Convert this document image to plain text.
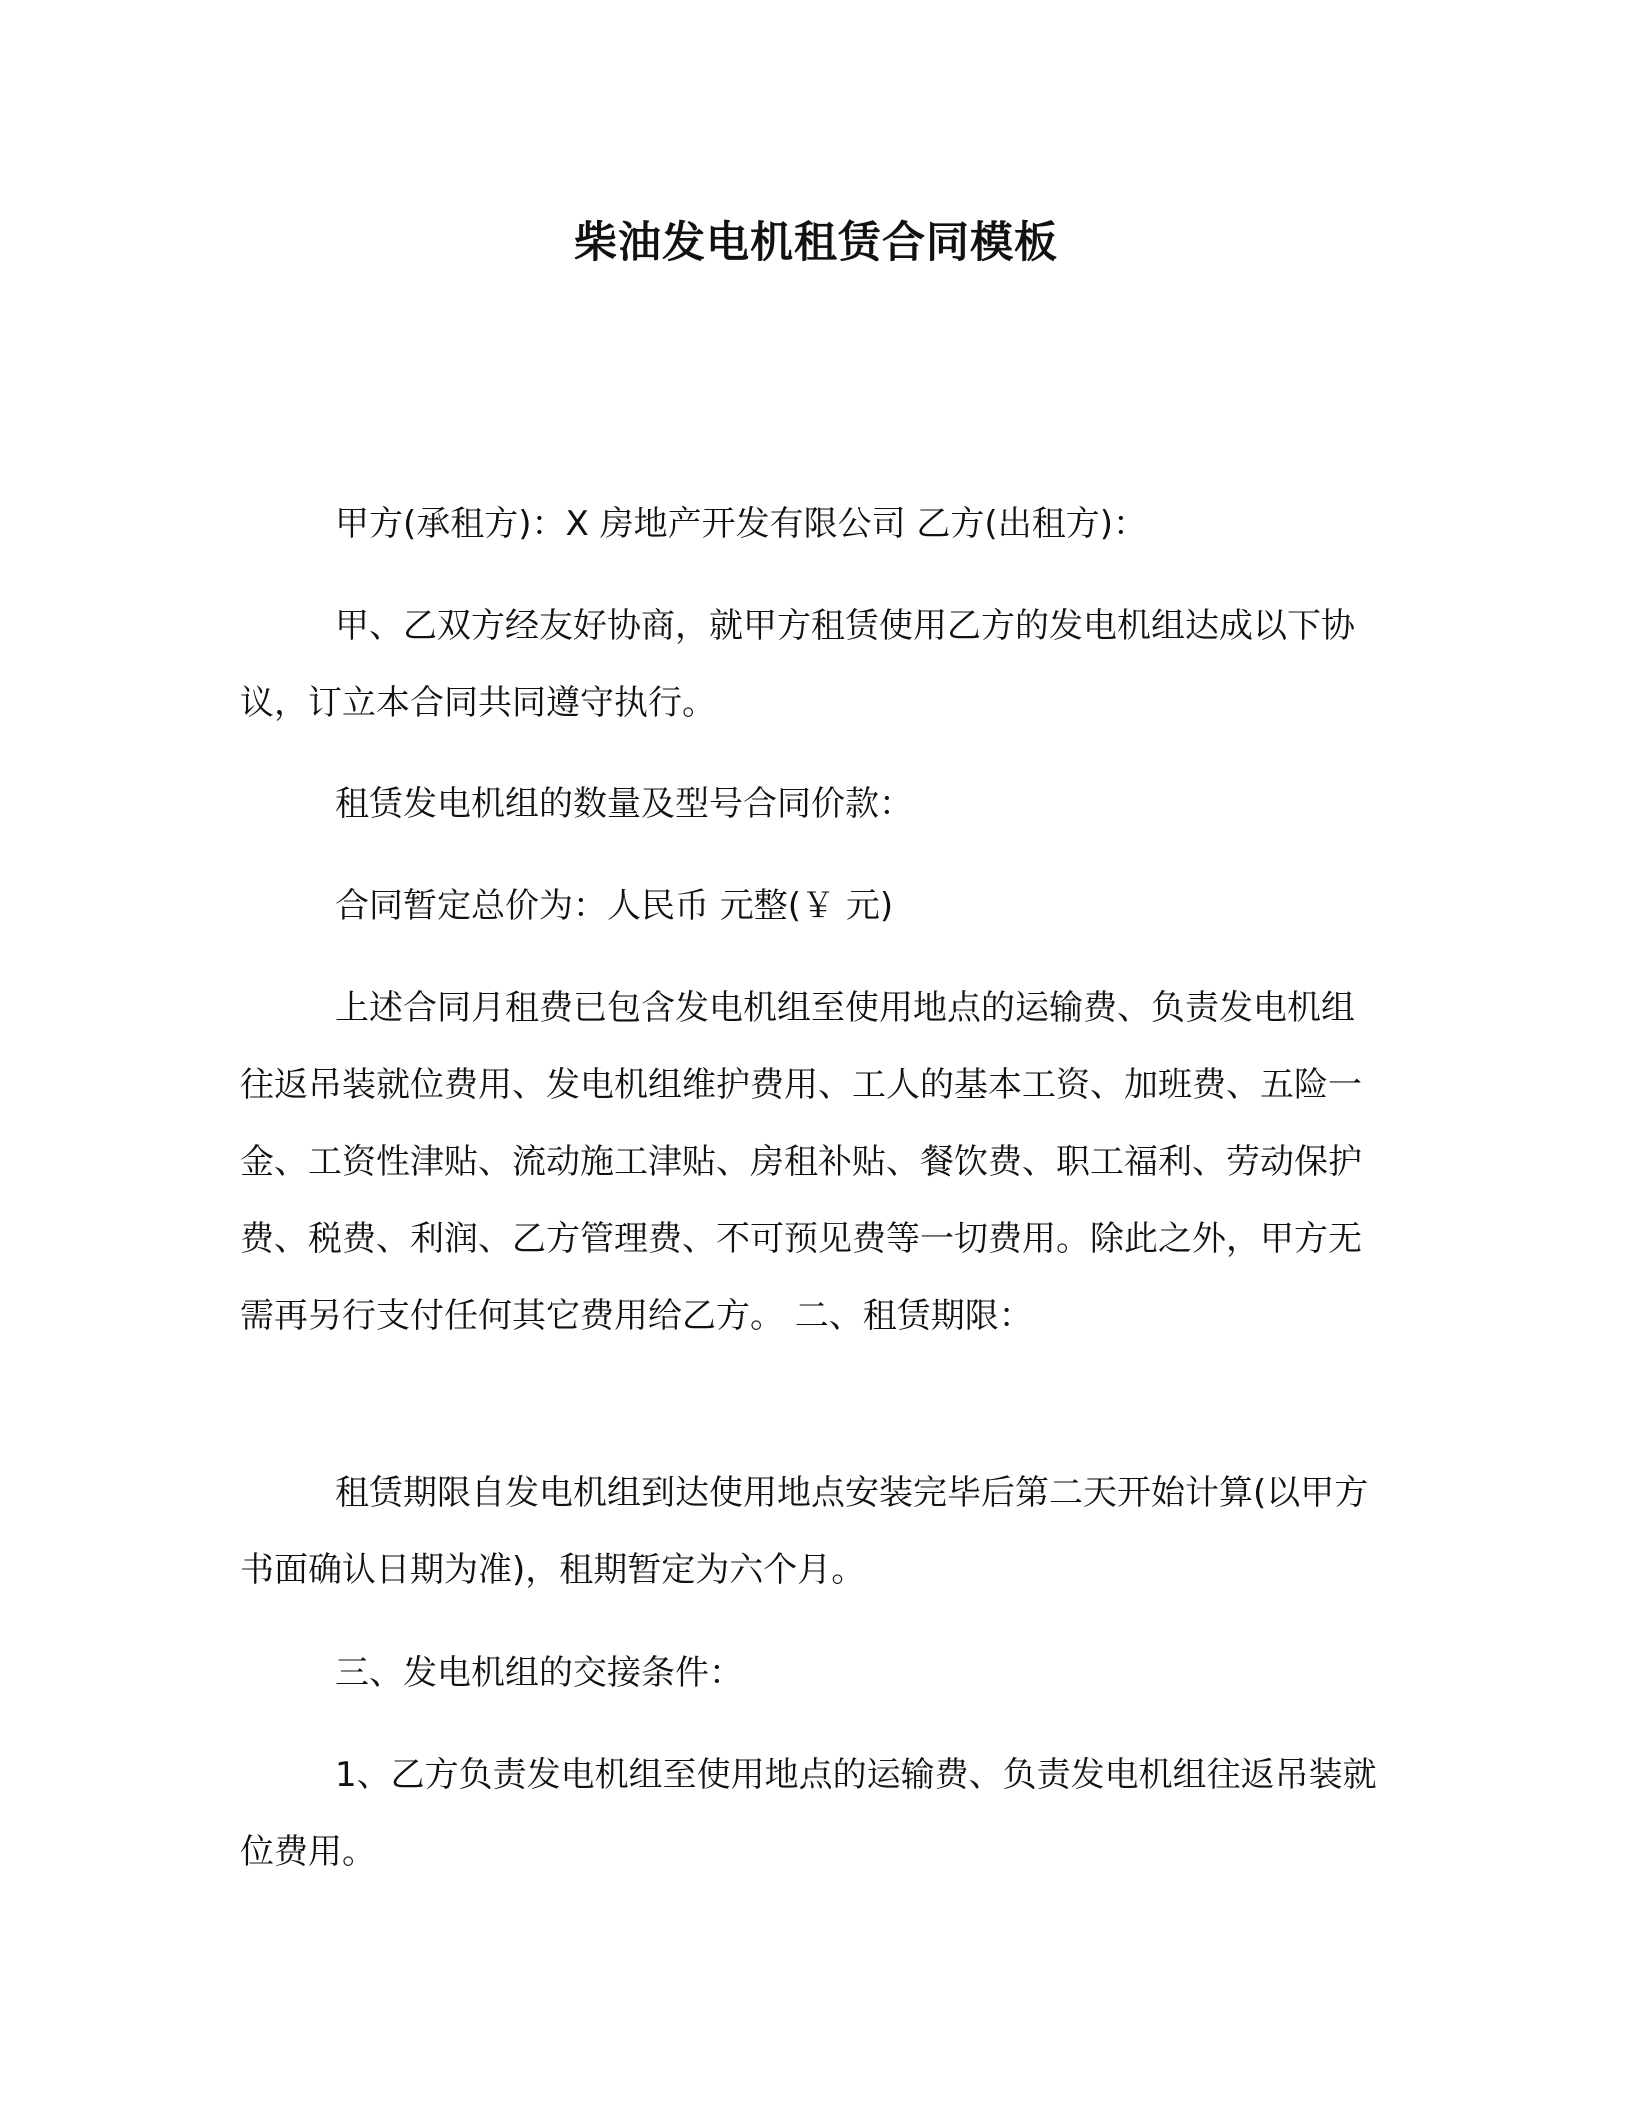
柴油发电机租赁合同模板

甲方(承租方)：X 房地产开发有限公司 乙方(出租方)：

甲、乙双方经友好协商，就甲方租赁使用乙方的发电机组达成以下协议，订立本合同共同遵守执行。

租赁发电机组的数量及型号合同价款：

合同暂定总价为：人民币 元整(￥ 元)

上述合同月租费已包含发电机组至使用地点的运输费、负责发电机组往返吊装就位费用、发电机组维护费用、工人的基本工资、加班费、五险一金、工资性津贴、流动施工津贴、房租补贴、餐饮费、职工福利、劳动保护费、税费、利润、乙方管理费、不可预见费等一切费用。除此之外，甲方无需再另行支付任何其它费用给乙方。 二、租赁期限：

租赁期限自发电机组到达使用地点安装完毕后第二天开始计算(以甲方书面确认日期为准)，租期暂定为六个月。

三、发电机组的交接条件：

1、乙方负责发电机组至使用地点的运输费、负责发电机组往返吊装就位费用。
